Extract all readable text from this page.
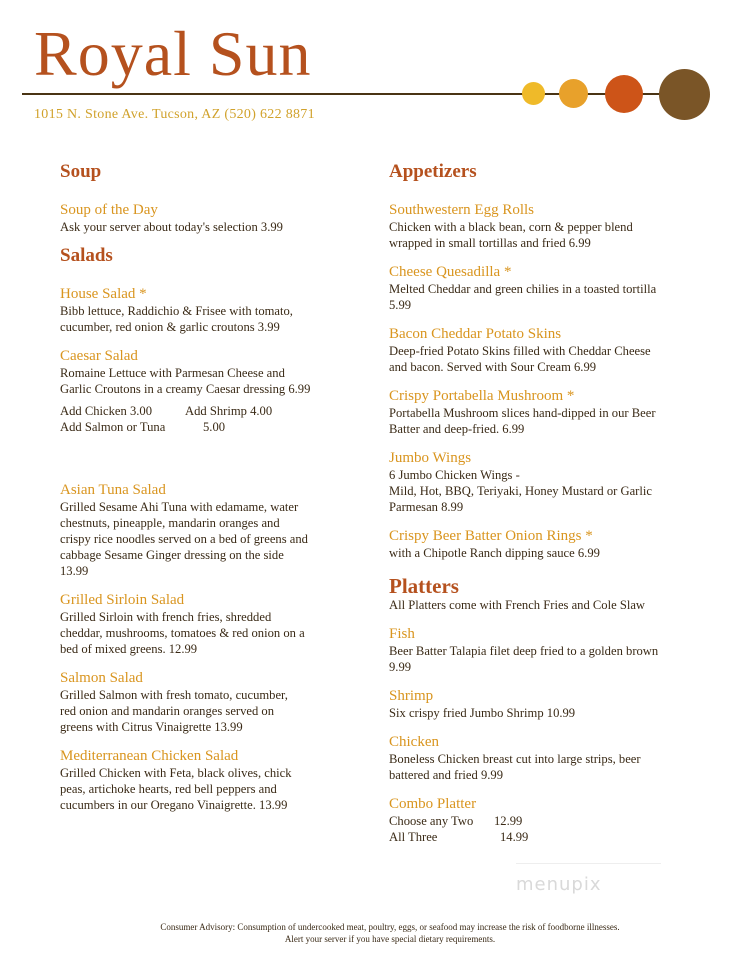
Royal Sun
1015 N. Stone Ave. Tucson, AZ (520) 622 8871
Soup

Soup of the Day

Ask your server about today's selection 3.99

Salads

House Salad *

Bibb lettuce, Raddichio & Frisee with tomato,
cucumber, red onion & garlic croutons 3.99

Caesar Salad

Romaine Lettuce with Parmesan Cheese and
Garlic Croutons in a creamy Caesar dressing 6.99

Add Chicken 3.00	Add Shrimp 4.00
Add Salmon or Tuna	5.00

Asian Tuna Salad

Grilled Sesame Ahi Tuna with edamame, water
chestnuts, pineapple, mandarin oranges and
crispy rice noodles served on a bed of greens and
cabbage Sesame Ginger dressing on the side
13.99

Grilled Sirloin Salad

Grilled Sirloin with french fries, shredded
cheddar, mushrooms, tomatoes & red onion on a
bed of mixed greens. 12.99

Salmon Salad

Grilled Salmon with fresh tomato, cucumber,
red onion and mandarin oranges served on
greens with Citrus Vinaigrette 13.99

Mediterranean Chicken Salad

Grilled Chicken with Feta, black olives, chick
peas, artichoke hearts, red bell peppers and
cucumbers in our Oregano Vinaigrette. 13.99

Appetizers

Southwestern Egg Rolls

Chicken with a black bean, corn & pepper blend
wrapped in small tortillas and fried 6.99

Cheese Quesadilla *

Melted Cheddar and green chilies in a toasted tortilla
5.99

Bacon Cheddar Potato Skins

Deep-fried Potato Skins filled with Cheddar Cheese
and bacon. Served with Sour Cream 6.99

Crispy Portabella Mushroom *

Portabella Mushroom slices hand-dipped in our Beer
Batter and deep-fried. 6.99

Jumbo Wings

6 Jumbo Chicken Wings -
Mild, Hot, BBQ, Teriyaki, Honey Mustard or Garlic
Parmesan 8.99

Crispy Beer Batter Onion Rings *

with a Chipotle Ranch dipping sauce 6.99

Platters

All Platters come with French Fries and Cole Slaw

Fish

Beer Batter Talapia filet deep fried to a golden brown
9.99

Shrimp

Six crispy fried Jumbo Shrimp 10.99

Chicken

Boneless Chicken breast cut into large strips, beer
battered and fried 9.99

Combo Platter

Choose any Two	12.99
All Three	14.99
menupix
Consumer Advisory: Consumption of undercooked meat, poultry, eggs, or seafood may increase the risk of foodborne illnesses.
Alert your server if you have special dietary requirements.
